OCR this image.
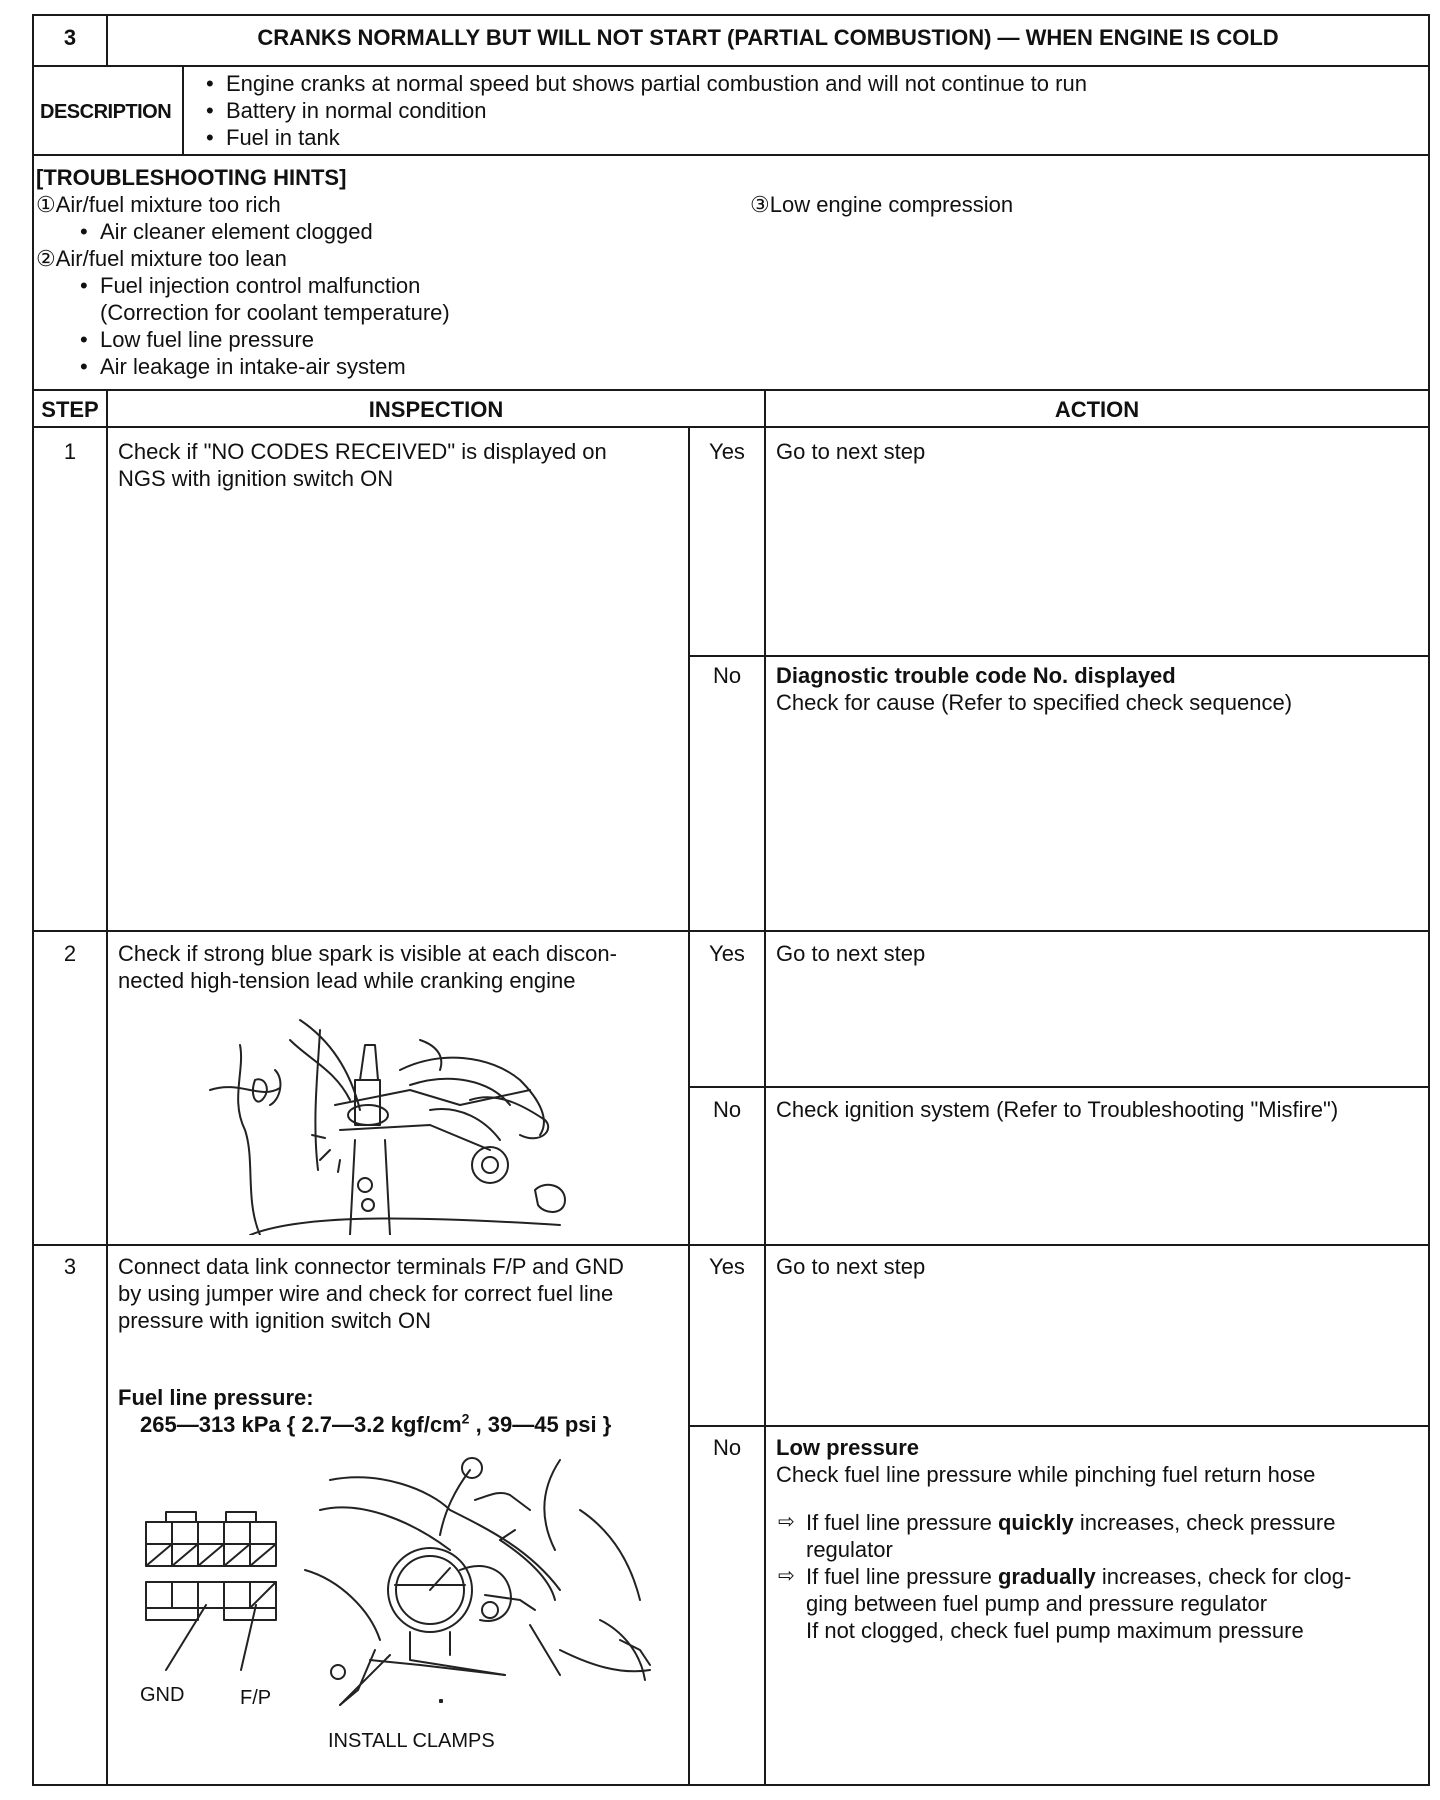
3	CRANKS NORMALLY BUT WILL NOT START (PARTIAL COMBUSTION) — WHEN ENGINE IS COLD
DESCRIPTION
• Engine cranks at normal speed but shows partial combustion and will not continue to run
• Battery in normal condition
• Fuel in tank
[TROUBLESHOOTING HINTS]
①Air/fuel mixture too rich
• Air cleaner element clogged
②Air/fuel mixture too lean
• Fuel injection control malfunction
(Correction for coolant temperature)
• Low fuel line pressure
• Air leakage in intake-air system
③Low engine compression
STEP	INSPECTION	ACTION
1	Check if "NO CODES RECEIVED" is displayed on
NGS with ignition switch ON
Yes	Go to next step
No	Diagnostic trouble code No. displayed
Check for cause (Refer to specified check sequence)
2	Check if strong blue spark is visible at each discon-
nected high-tension lead while cranking engine
Yes	Go to next step
No	Check ignition system (Refer to Troubleshooting "Misfire")
3	Connect data link connector terminals F/P and GND
by using jumper wire and check for correct fuel line
pressure with ignition switch ON
Fuel line pressure:
265—313 kPa { 2.7—3.2 kgf/$cm^2$ , 39—45 psi }
GND	F/P
INSTALL CLAMPS
Yes	Go to next step
No	Low pressure
Check fuel line pressure while pinching fuel return hose
⇨ If fuel line pressure quickly increases, check pressure
regulator
⇨ If fuel line pressure gradually increases, check for clog-
ging between fuel pump and pressure regulator
If not clogged, check fuel pump maximum pressure
